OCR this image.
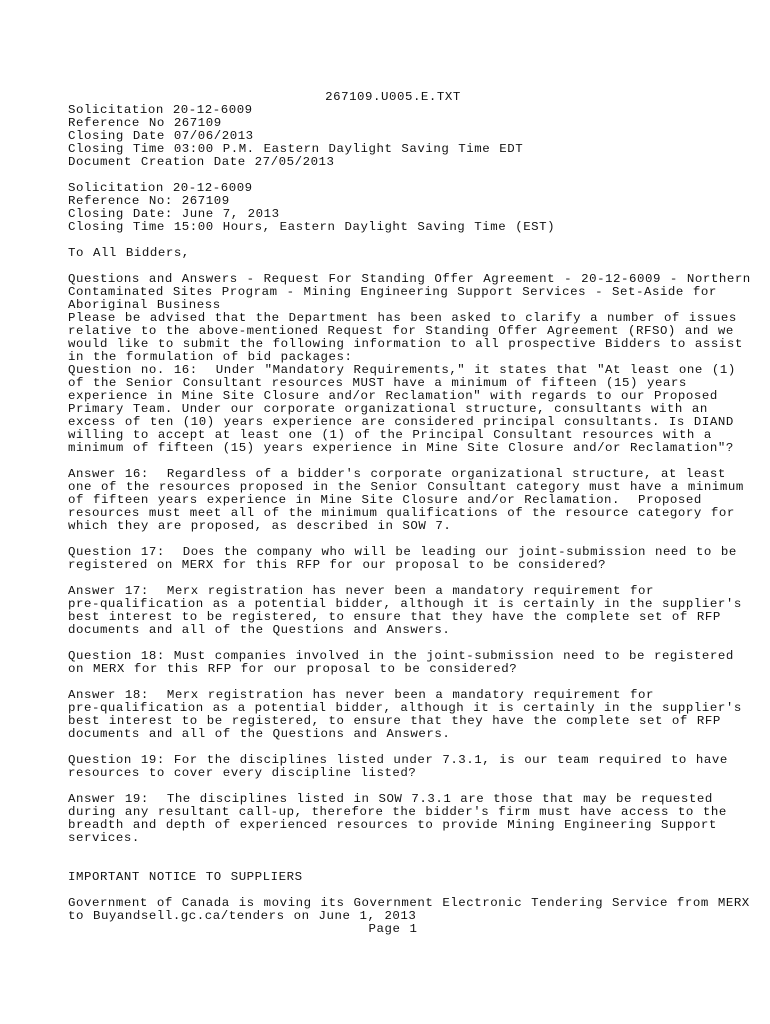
267109.U005.E.TXT
Solicitation 20-12-6009
Reference No 267109
Closing Date 07/06/2013
Closing Time 03:00 P.M. Eastern Daylight Saving Time EDT
Document Creation Date 27/05/2013
Solicitation 20-12-6009
Reference No: 267109
Closing Date: June 7, 2013
Closing Time 15:00 Hours, Eastern Daylight Saving Time (EST)
To All Bidders,
Questions and Answers - Request For Standing Offer Agreement - 20-12-6009 - Northern
Contaminated Sites Program - Mining Engineering Support Services - Set-Aside for
Aboriginal Business
Please be advised that the Department has been asked to clarify a number of issues
relative to the above-mentioned Request for Standing Offer Agreement (RFSO) and we
would like to submit the following information to all prospective Bidders to assist
in the formulation of bid packages:
Question no. 16:  Under "Mandatory Requirements," it states that "At least one (1)
of the Senior Consultant resources MUST have a minimum of fifteen (15) years
experience in Mine Site Closure and/or Reclamation" with regards to our Proposed
Primary Team. Under our corporate organizational structure, consultants with an
excess of ten (10) years experience are considered principal consultants. Is DIAND
willing to accept at least one (1) of the Principal Consultant resources with a
minimum of fifteen (15) years experience in Mine Site Closure and/or Reclamation"?
Answer 16:  Regardless of a bidder's corporate organizational structure, at least
one of the resources proposed in the Senior Consultant category must have a minimum
of fifteen years experience in Mine Site Closure and/or Reclamation.  Proposed
resources must meet all of the minimum qualifications of the resource category for
which they are proposed, as described in SOW 7.
Question 17:  Does the company who will be leading our joint-submission need to be
registered on MERX for this RFP for our proposal to be considered?
Answer 17:  Merx registration has never been a mandatory requirement for
pre-qualification as a potential bidder, although it is certainly in the supplier's
best interest to be registered, to ensure that they have the complete set of RFP
documents and all of the Questions and Answers.
Question 18: Must companies involved in the joint-submission need to be registered
on MERX for this RFP for our proposal to be considered?
Answer 18:  Merx registration has never been a mandatory requirement for
pre-qualification as a potential bidder, although it is certainly in the supplier's
best interest to be registered, to ensure that they have the complete set of RFP
documents and all of the Questions and Answers.
Question 19: For the disciplines listed under 7.3.1, is our team required to have
resources to cover every discipline listed?
Answer 19:  The disciplines listed in SOW 7.3.1 are those that may be requested
during any resultant call-up, therefore the bidder's firm must have access to the
breadth and depth of experienced resources to provide Mining Engineering Support
services.
IMPORTANT NOTICE TO SUPPLIERS
Government of Canada is moving its Government Electronic Tendering Service from MERX
to Buyandsell.gc.ca/tenders on June 1, 2013
Page 1
